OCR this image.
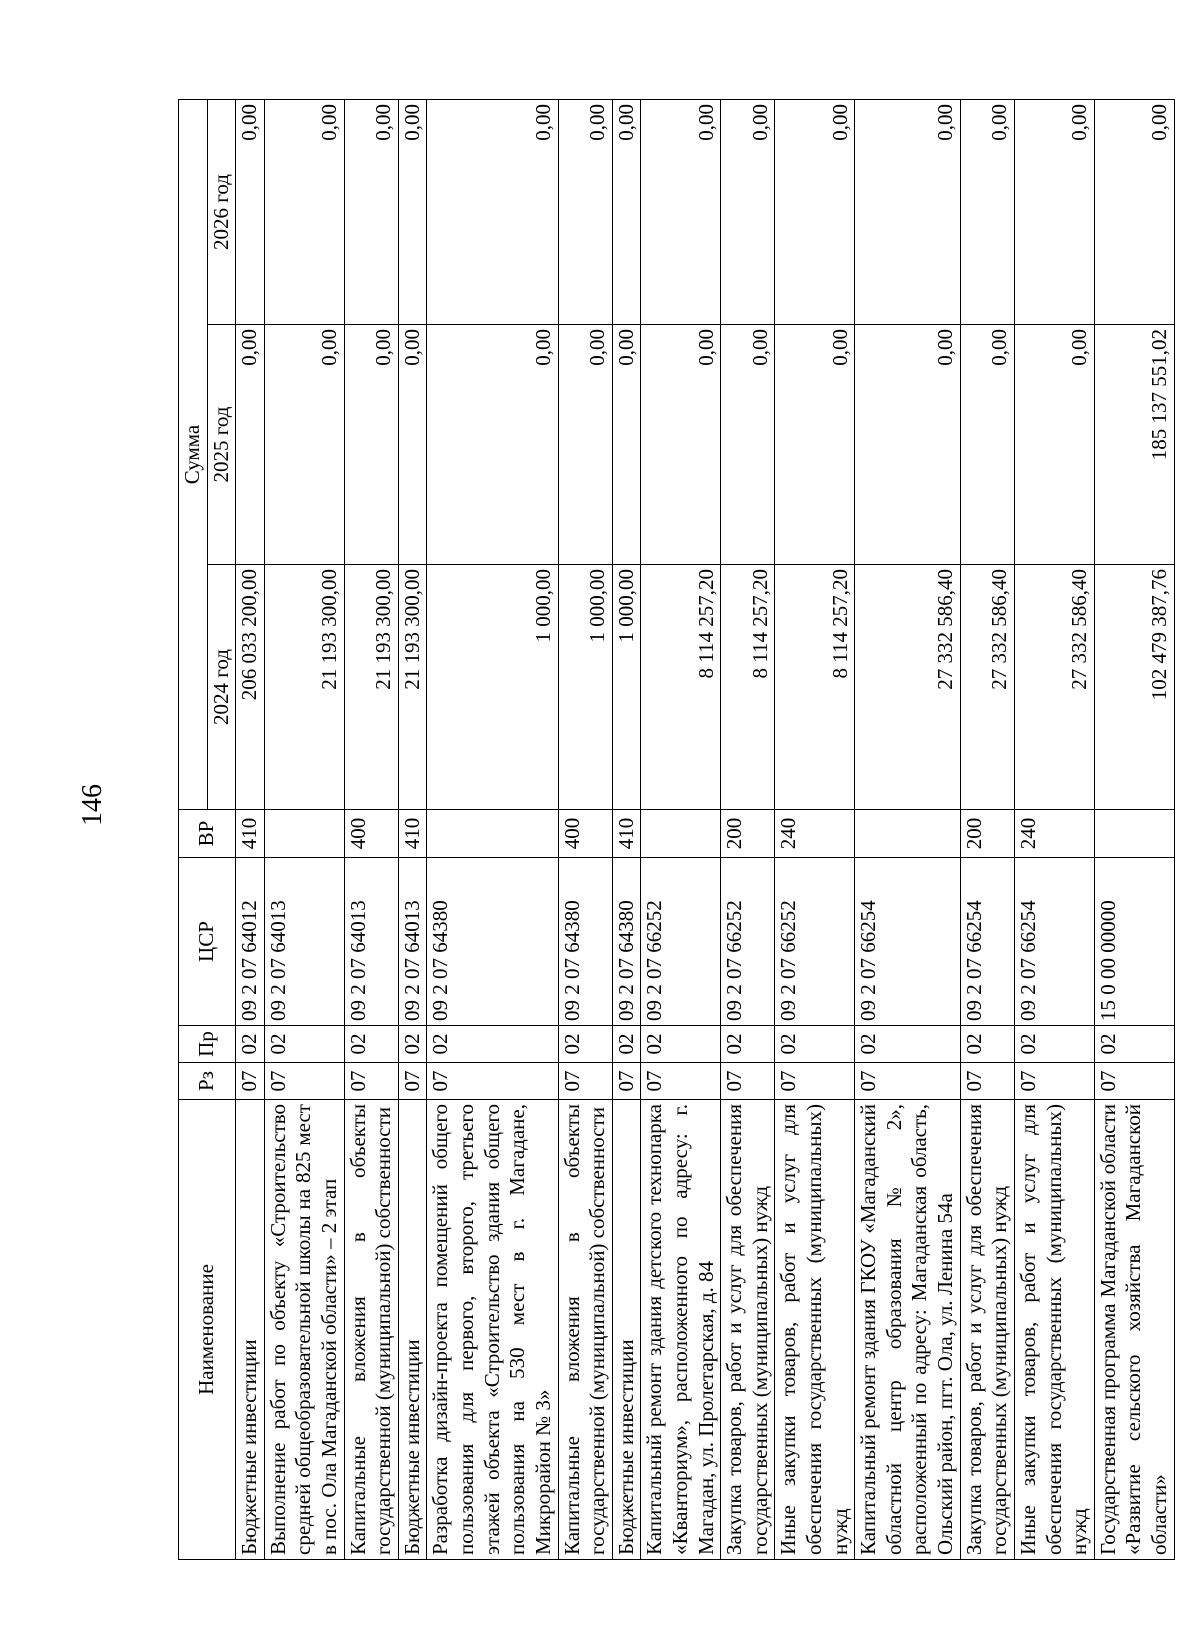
146
Наименование	Рз	Пр	ЦСР	ВР	Сумма		
					2024 год	2025 год	2026 год
Бюджетные инвестиции	07	02	09 2 07 64012	410	206 033 200,00	0,00	0,00
Выполнение работ по объекту «Строительство средней общеобразовательной школы на 825 мест в пос. Ола Магаданской области» – 2 этап	07	02	09 2 07 64013		21 193 300,00	0,00	0,00
Капитальные вложения в объекты государственной (муниципальной) собственности	07	02	09 2 07 64013	400	21 193 300,00	0,00	0,00
Бюджетные инвестиции	07	02	09 2 07 64013	410	21 193 300,00	0,00	0,00
Разработка дизайн-проекта помещений общего пользования для первого, второго, третьего этажей объекта «Строительство здания общего пользования на 530 мест в г. Магадане, Микрорайон № 3»	07	02	09 2 07 64380		1 000,00	0,00	0,00
Капитальные вложения в объекты государственной (муниципальной) собственности	07	02	09 2 07 64380	400	1 000,00	0,00	0,00
Бюджетные инвестиции	07	02	09 2 07 64380	410	1 000,00	0,00	0,00
Капитальный ремонт здания детского технопарка «Кванториум», расположенного по адресу: г. Магадан, ул. Пролетарская, д. 84	07	02	09 2 07 66252		8 114 257,20	0,00	0,00
Закупка товаров, работ и услуг для обеспечения государственных (муниципальных) нужд	07	02	09 2 07 66252	200	8 114 257,20	0,00	0,00
Иные закупки товаров, работ и услуг для обеспечения государственных (муниципальных) нужд	07	02	09 2 07 66252	240	8 114 257,20	0,00	0,00
Капитальный ремонт здания ГКОУ «Магаданский областной центр образования № 2», расположенный по адресу: Магаданская область, Ольский район, пгт. Ола, ул. Ленина 54а	07	02	09 2 07 66254		27 332 586,40	0,00	0,00
Закупка товаров, работ и услуг для обеспечения государственных (муниципальных) нужд	07	02	09 2 07 66254	200	27 332 586,40	0,00	0,00
Иные закупки товаров, работ и услуг для обеспечения государственных (муниципальных) нужд	07	02	09 2 07 66254	240	27 332 586,40	0,00	0,00
Государственная программа Магаданской области «Развитие сельского хозяйства Магаданской области»	07	02	15 0 00 00000		102 479 387,76	185 137 551,02	0,00
